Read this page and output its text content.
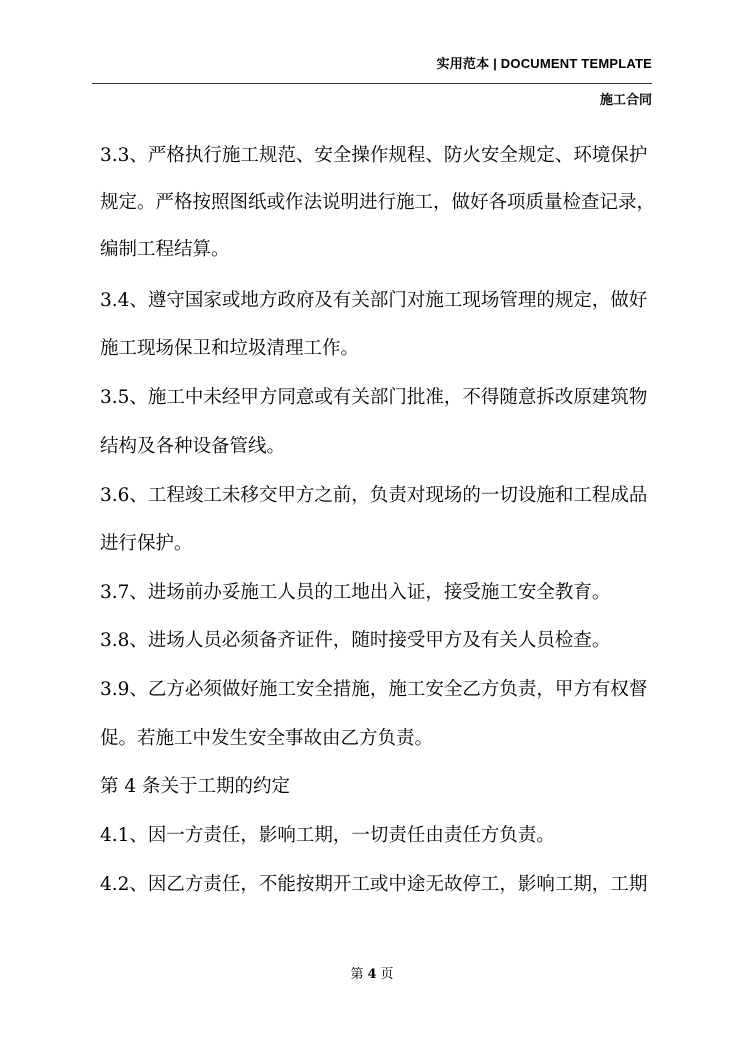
实用范本 | DOCUMENT TEMPLATE
施工合同
3.3、严格执行施工规范、安全操作规程、防火安全规定、环境保护
规定。严格按照图纸或作法说明进行施工，做好各项质量检查记录，
编制工程结算。
3.4、遵守国家或地方政府及有关部门对施工现场管理的规定，做好
施工现场保卫和垃圾清理工作。
3.5、施工中未经甲方同意或有关部门批准，不得随意拆改原建筑物
结构及各种设备管线。
3.6、工程竣工未移交甲方之前，负责对现场的一切设施和工程成品
进行保护。
3.7、进场前办妥施工人员的工地出入证，接受施工安全教育。
3.8、进场人员必须备齐证件，随时接受甲方及有关人员检查。
3.9、乙方必须做好施工安全措施，施工安全乙方负责，甲方有权督
促。若施工中发生安全事故由乙方负责。
第 4 条关于工期的约定
4.1、因一方责任，影响工期，一切责任由责任方负责。
4.2、因乙方责任，不能按期开工或中途无故停工，影响工期，工期
第 4 页
